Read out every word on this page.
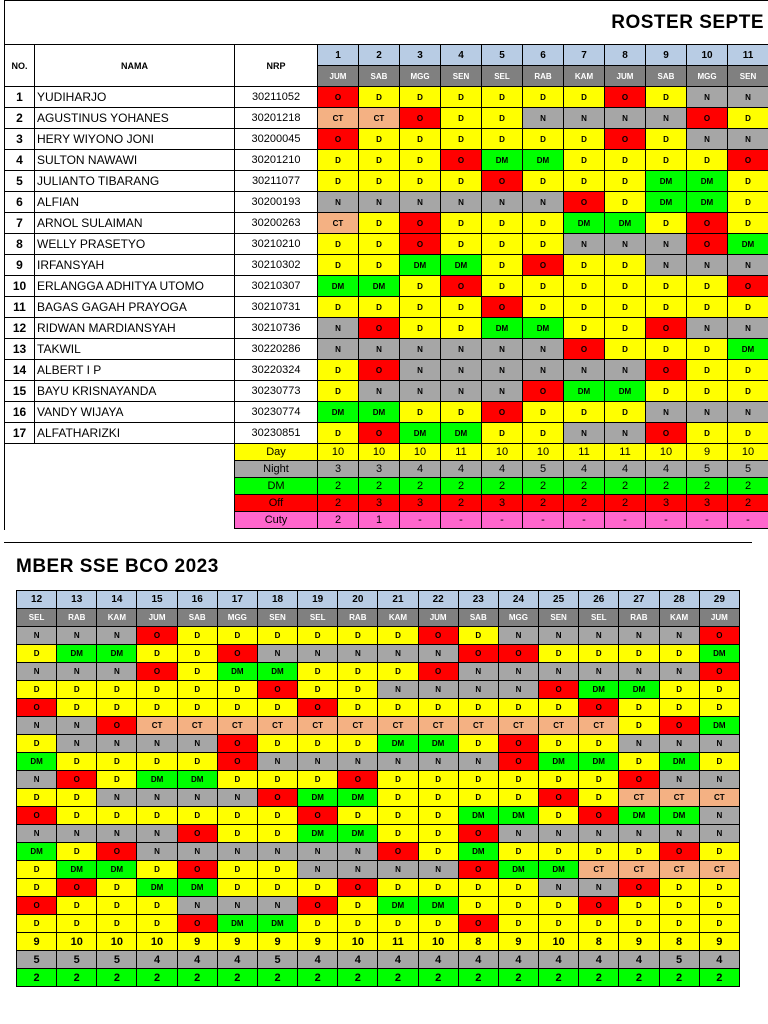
ROSTER SEPTE
NO.	NAMA	NRP	1	2	3	4	5	6	7	8	9	10	11
			JUM	SAB	MGG	SEN	SEL	RAB	KAM	JUM	SAB	MGG	SEN
1	YUDIHARJO	30211052	O	D	D	D	D	D	D	O	D	N	N
2	AGUSTINUS YOHANES	30201218	CT	CT	O	D	D	N	N	N	N	O	D
3	HERY WIYONO JONI	30200045	O	D	D	D	D	D	D	O	D	N	N
4	SULTON NAWAWI	30201210	D	D	D	O	DM	DM	D	D	D	D	O
5	JULIANTO TIBARANG	30211077	D	D	D	D	O	D	D	D	DM	DM	D
6	ALFIAN	30200193	N	N	N	N	N	N	O	D	DM	DM	D
7	ARNOL SULAIMAN	30200263	CT	D	O	D	D	D	DM	DM	D	O	D
8	WELLY PRASETYO	30210210	D	D	O	D	D	D	N	N	N	O	DM
9	IRFANSYAH	30210302	D	D	DM	DM	D	O	D	D	N	N	N
10	ERLANGGA ADHITYA UTOMO	30210307	DM	DM	D	O	D	D	D	D	D	D	O
11	BAGAS GAGAH PRAYOGA	30210731	D	D	D	D	O	D	D	D	D	D	D
12	RIDWAN MARDIANSYAH	30210736	N	O	D	D	DM	DM	D	D	O	N	N
13	TAKWIL	30220286	N	N	N	N	N	N	O	D	D	D	DM
14	ALBERT I P	30220324	D	O	N	N	N	N	N	N	O	D	D
15	BAYU KRISNAYANDA	30230773	D	N	N	N	N	O	DM	DM	D	D	D
16	VANDY WIJAYA	30230774	DM	DM	D	D	O	D	D	D	N	N	N
17	ALFATHARIZKI	30230851	D	O	DM	DM	D	D	N	N	O	D	D
		Day	10	10	10	11	10	10	11	11	10	9	10
		Night	3	3	4	4	4	5	4	4	4	5	5
		DM	2	2	2	2	2	2	2	2	2	2	2
		Off	2	3	3	2	3	2	2	2	3	3	2
		Cuty	2	1	-	-	-	-	-	-	-	-	-
MBER SSE BCO 2023
12	13	14	15	16	17	18	19	20	21	22	23	24	25	26	27	28	29
SEL	RAB	KAM	JUM	SAB	MGG	SEN	SEL	RAB	KAM	JUM	SAB	MGG	SEN	SEL	RAB	KAM	JUM
N	N	N	O	D	D	D	D	D	D	O	D	N	N	N	N	N	O
D	DM	DM	D	D	O	N	N	N	N	N	O	O	D	D	D	D	DM
N	N	N	O	D	DM	DM	D	D	D	O	N	N	N	N	N	N	O
D	D	D	D	D	D	O	D	D	N	N	N	N	O	DM	DM	D	D
O	D	D	D	D	D	D	O	D	D	D	D	D	D	O	D	D	D
N	N	O	CT	CT	CT	CT	CT	CT	CT	CT	CT	CT	CT	CT	D	O	DM
D	N	N	N	N	O	D	D	D	DM	DM	D	O	D	D	N	N	N
DM	D	D	D	D	O	N	N	N	N	N	N	O	DM	DM	D	DM	D
N	O	D	DM	DM	D	D	D	O	D	D	D	D	D	D	O	N	N
D	D	N	N	N	N	O	DM	DM	D	D	D	D	O	D	CT	CT	CT
O	D	D	D	D	D	D	O	D	D	D	DM	DM	D	O	DM	DM	N
N	N	N	N	O	D	D	DM	DM	D	D	O	N	N	N	N	N	N
DM	D	O	N	N	N	N	N	N	O	D	DM	D	D	D	D	O	D
D	DM	DM	D	O	D	D	N	N	N	N	O	DM	DM	CT	CT	CT	CT
D	O	D	DM	DM	D	D	D	O	D	D	D	D	N	N	O	D	D
O	D	D	D	N	N	N	O	D	DM	DM	D	D	D	O	D	D	D
D	D	D	D	O	DM	DM	D	D	D	D	O	D	D	D	D	D	D
9	10	10	10	9	9	9	9	10	11	10	8	9	10	8	9	8	9
5	5	5	4	4	4	5	4	4	4	4	4	4	4	4	4	5	4
2	2	2	2	2	2	2	2	2	2	2	2	2	2	2	2	2	2
